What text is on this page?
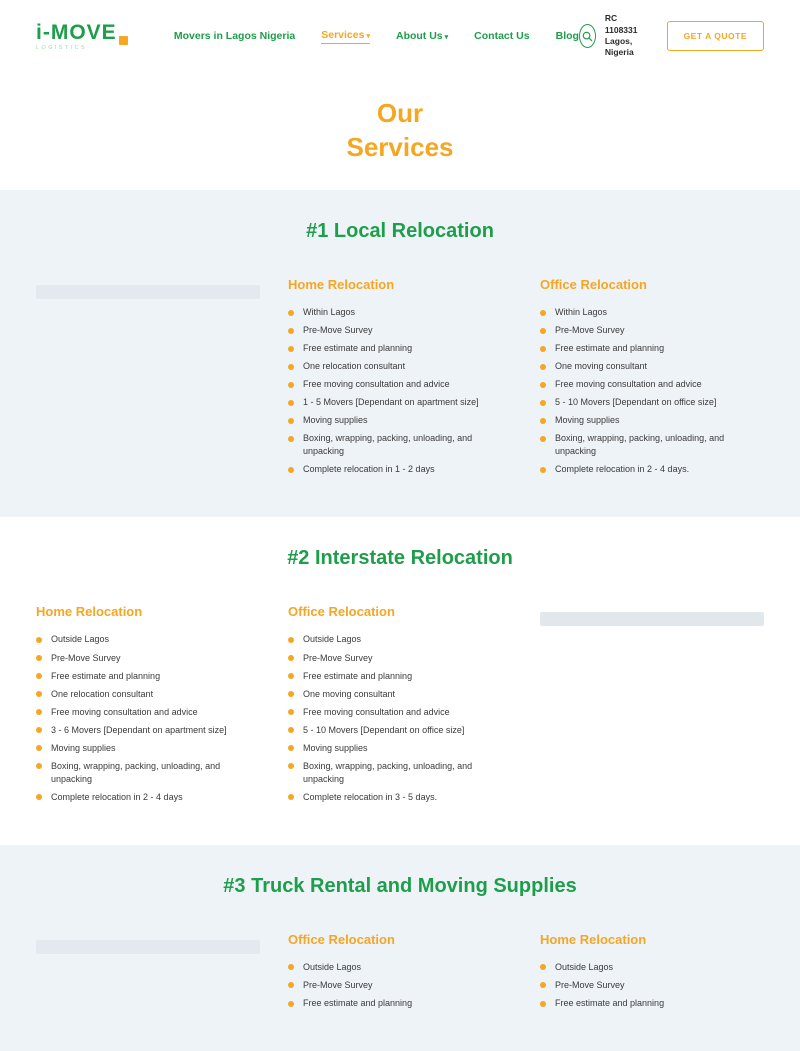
i-MOVE
LOGISTICS
Movers in Lagos Nigeria Services ▾ About Us ▾ Contact Us Blog
RC 1108331
Lagos, Nigeria
GET A QUOTE
Our
Services
#1 Local Relocation
Home Relocation
Within Lagos
Pre-Move Survey
Free estimate and planning
One relocation consultant
Free moving consultation and advice
1 - 5 Movers [Dependant on apartment size]
Moving supplies
Boxing, wrapping, packing, unloading, and unpacking
Complete relocation in 1 - 2 days
Office Relocation
Within Lagos
Pre-Move Survey
Free estimate and planning
One moving consultant
Free moving consultation and advice
5 - 10 Movers [Dependant on office size]
Moving supplies
Boxing, wrapping, packing, unloading, and unpacking
Complete relocation in 2 - 4 days.
#2 Interstate Relocation
Home Relocation
Outside Lagos
Pre-Move Survey
Free estimate and planning
One relocation consultant
Free moving consultation and advice
3 - 6 Movers [Dependant on apartment size]
Moving supplies
Boxing, wrapping, packing, unloading, and unpacking
Complete relocation in 2 - 4 days
Office Relocation
Outside Lagos
Pre-Move Survey
Free estimate and planning
One moving consultant
Free moving consultation and advice
5 - 10 Movers [Dependant on office size]
Moving supplies
Boxing, wrapping, packing, unloading, and unpacking
Complete relocation in 3 - 5 days.
#3 Truck Rental and Moving Supplies
Office Relocation
Outside Lagos
Pre-Move Survey
Free estimate and planning
Home Relocation
Outside Lagos
Pre-Move Survey
Free estimate and planning
